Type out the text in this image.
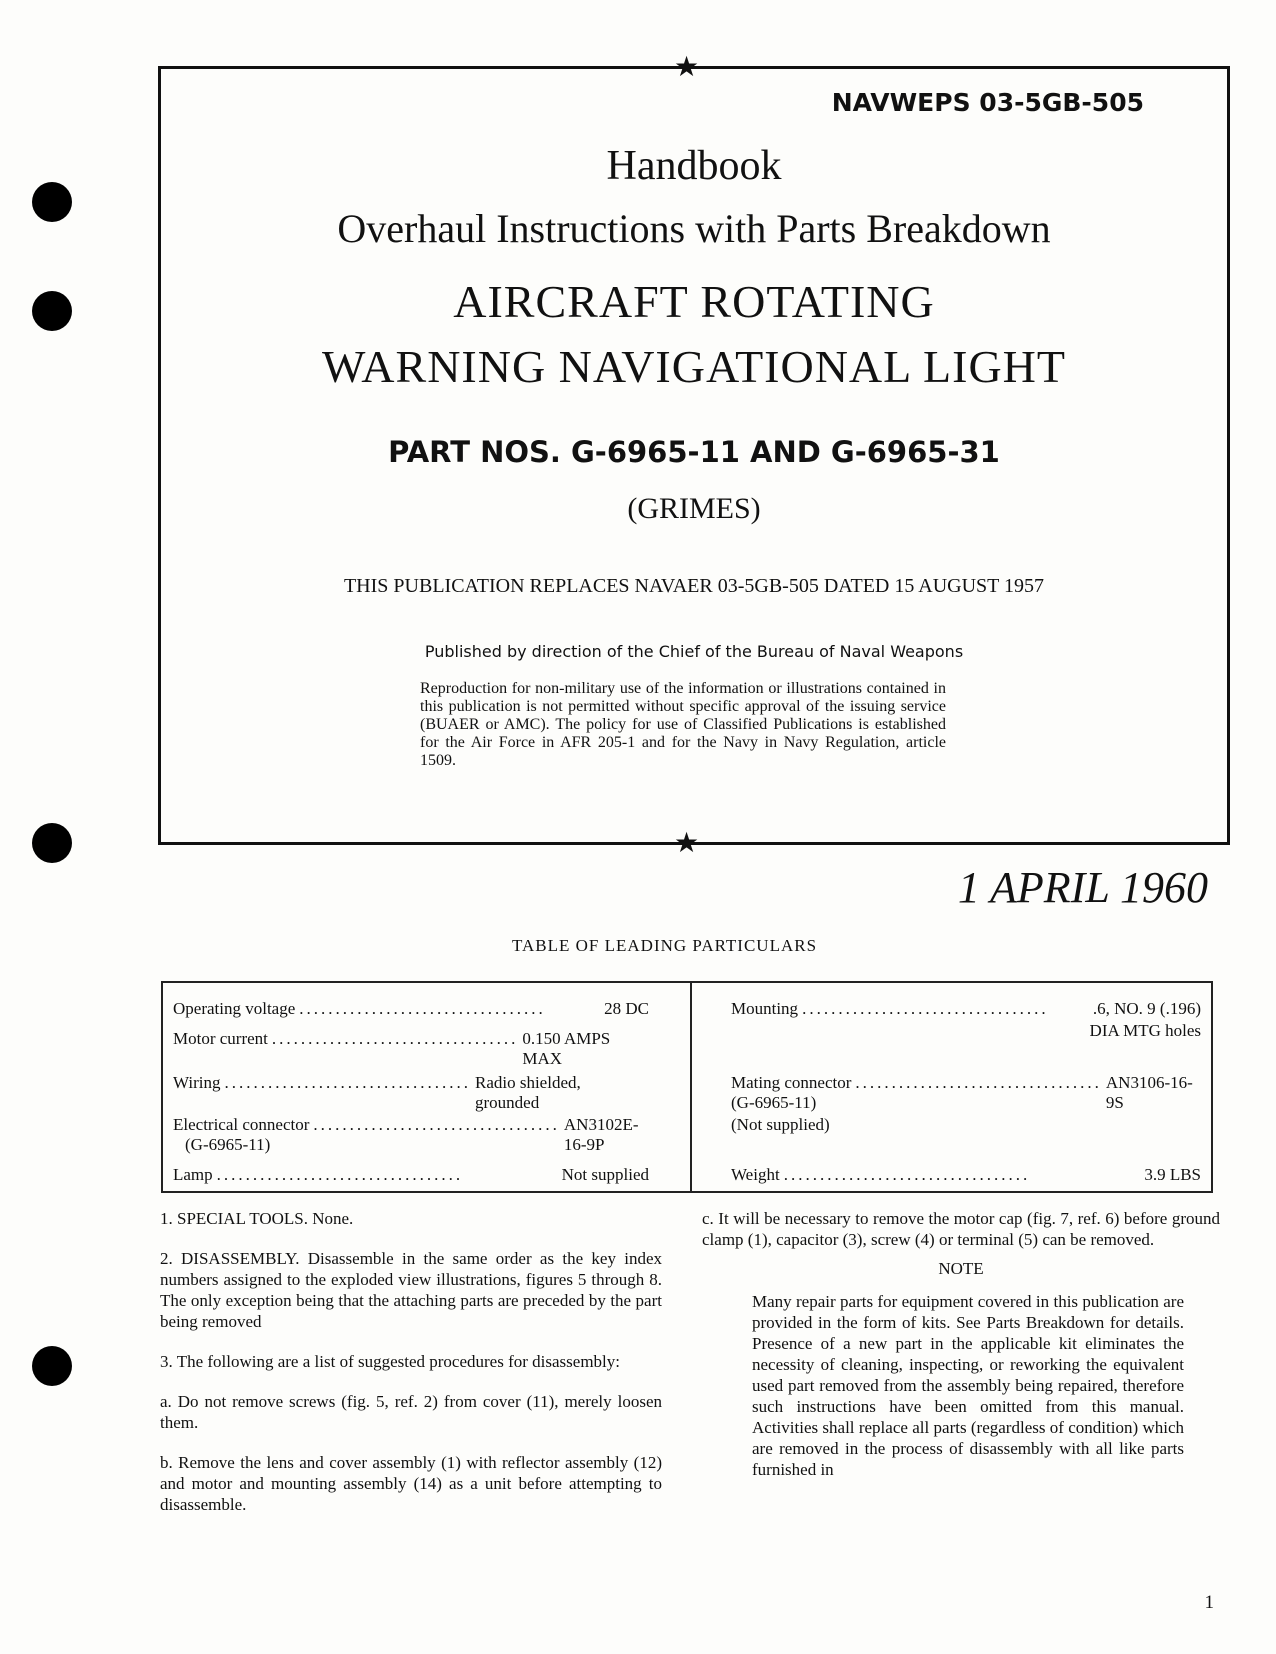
★
★
NAVWEPS 03-5GB-505
Handbook
Overhaul Instructions with Parts Breakdown
AIRCRAFT ROTATING
WARNING NAVIGATIONAL LIGHT
PART NOS. G-6965-11 AND G-6965-31
(GRIMES)
THIS PUBLICATION REPLACES NAVAER 03-5GB-505 DATED 15 AUGUST 1957
Published by direction of the Chief of the Bureau of Naval Weapons
Reproduction for non-military use of the information or illustrations contained in this publication is not permitted without specific approval of the issuing service (BUAER or AMC). The policy for use of Classified Publications is established for the Air Force in AFR 205-1 and for the Navy in Navy Regulation, article 1509.
1 APRIL 1960
TABLE OF LEADING PARTICULARS
Operating voltage ..................................	28 DC
Motor current .................................. 0.150 AMPS MAX
Wiring .................................. Radio shielded, grounded
Electrical connector .................................. AN3102E-16-9P
(G-6965-11)
Lamp ..................................	Not supplied
Mounting ..................................	.6, NO. 9 (.196)
DIA MTG holes
Mating connector .................................. AN3106-16-9S
(G-6965-11)
(Not supplied)
Weight ..................................	3.9 LBS

1. SPECIAL TOOLS. None.

2. DISASSEMBLY. Disassemble in the same order as the key index numbers assigned to the exploded view illustrations, figures 5 through 8. The only exception being that the attaching parts are preceded by the part being removed

3. The following are a list of suggested procedures for disassembly:

a. Do not remove screws (fig. 5, ref. 2) from cover (11), merely loosen them.

b. Remove the lens and cover assembly (1) with reflector assembly (12) and motor and mounting assembly (14) as a unit before attempting to disassemble.

c. It will be necessary to remove the motor cap (fig. 7, ref. 6) before ground clamp (1), capacitor (3), screw (4) or terminal (5) can be removed.

NOTE
Many repair parts for equipment covered in this publication are provided in the form of kits. See Parts Breakdown for details. Presence of a new part in the applicable kit eliminates the necessity of cleaning, inspecting, or reworking the equivalent used part removed from the assembly being repaired, therefore such instructions have been omitted from this manual. Activities shall replace all parts (regardless of condition) which are removed in the process of disassembly with all like parts furnished in
1
